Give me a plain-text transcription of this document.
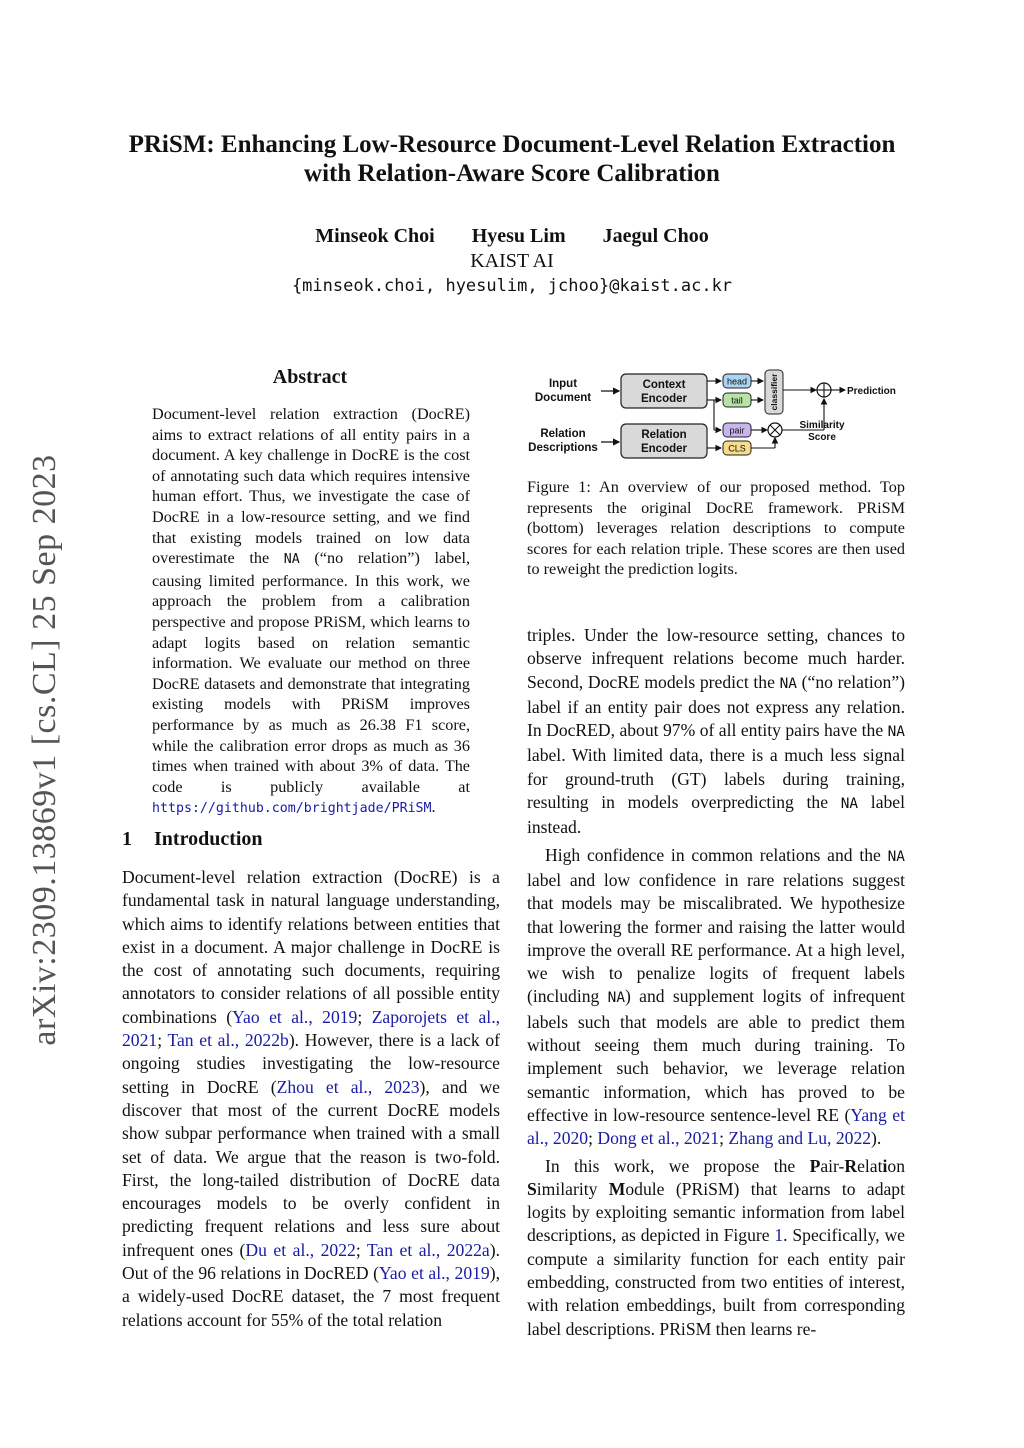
PRiSM: Enhancing Low-Resource Document-Level Relation Extraction
with Relation-Aware Score Calibration
Minseok Choi Hyesu Lim Jaegul Choo
KAIST AI
{minseok.choi, hyesulim, jchoo}@kaist.ac.kr
arXiv:2309.13869v1 [cs.CL] 25 Sep 2023
Abstract
Document-level relation extraction (DocRE) aims to extract relations of all entity pairs in a document. A key challenge in DocRE is the cost of annotating such data which requires intensive human effort. Thus, we investigate the case of DocRE in a low-resource setting, and we find that existing models trained on low data overestimate the NA (“no relation”) label, causing limited performance. In this work, we approach the problem from a calibration perspective and propose PRiSM, which learns to adapt logits based on relation semantic information. We evaluate our method on three DocRE datasets and demonstrate that integrating existing models with PRiSM improves performance by as much as 26.38 F1 score, while the calibration error drops as much as 36 times when trained with about 3% of data. The code is publicly available at https://github.com/brightjade/PRiSM.
1 Introduction

Document-level relation extraction (DocRE) is a fundamental task in natural language understanding, which aims to identify relations between entities that exist in a document. A major challenge in DocRE is the cost of annotating such documents, requiring annotators to consider relations of all possible entity combinations (Yao et al., 2019; Zaporojets et al., 2021; Tan et al., 2022b). However, there is a lack of ongoing studies investigating the low-resource setting in DocRE (Zhou et al., 2023), and we discover that most of the current DocRE models show subpar performance when trained with a small set of data. We argue that the reason is two-fold. First, the long-tailed distribution of DocRE data encourages models to be overly confident in predicting frequent relations and less sure about infrequent ones (Du et al., 2022; Tan et al., 2022a). Out of the 96 relations in DocRED (Yao et al., 2019), a widely-used DocRE dataset, the 7 most frequent relations account for 55% of the total relation

Input Document
Relation Descriptions
Context Encoder
Relation Encoder
head
tail
pair
CLS
classifier	Prediction
Similarity Score
Figure 1: An overview of our proposed method. Top represents the original DocRE framework. PRiSM (bottom) leverages relation descriptions to compute scores for each relation triple. These scores are then used to reweight the prediction logits.

triples. Under the low-resource setting, chances to observe infrequent relations become much harder. Second, DocRE models predict the NA (“no relation”) label if an entity pair does not express any relation. In DocRED, about 97% of all entity pairs have the NA label. With limited data, there is a much less signal for ground-truth (GT) labels during training, resulting in models overpredicting the NA label instead.

High confidence in common relations and the NA label and low confidence in rare relations suggest that models may be miscalibrated. We hypothesize that lowering the former and raising the latter would improve the overall RE performance. At a high level, we wish to penalize logits of frequent labels (including NA) and supplement logits of infrequent labels such that models are able to predict them without seeing them much during training. To implement such behavior, we leverage relation semantic information, which has proved to be effective in low-resource sentence-level RE (Yang et al., 2020; Dong et al., 2021; Zhang and Lu, 2022).

In this work, we propose the Pair-Relation Similarity Module (PRiSM) that learns to adapt logits by exploiting semantic information from label descriptions, as depicted in Figure 1. Specifically, we compute a similarity function for each entity pair embedding, constructed from two entities of interest, with relation embeddings, built from corresponding label descriptions. PRiSM then learns re-
